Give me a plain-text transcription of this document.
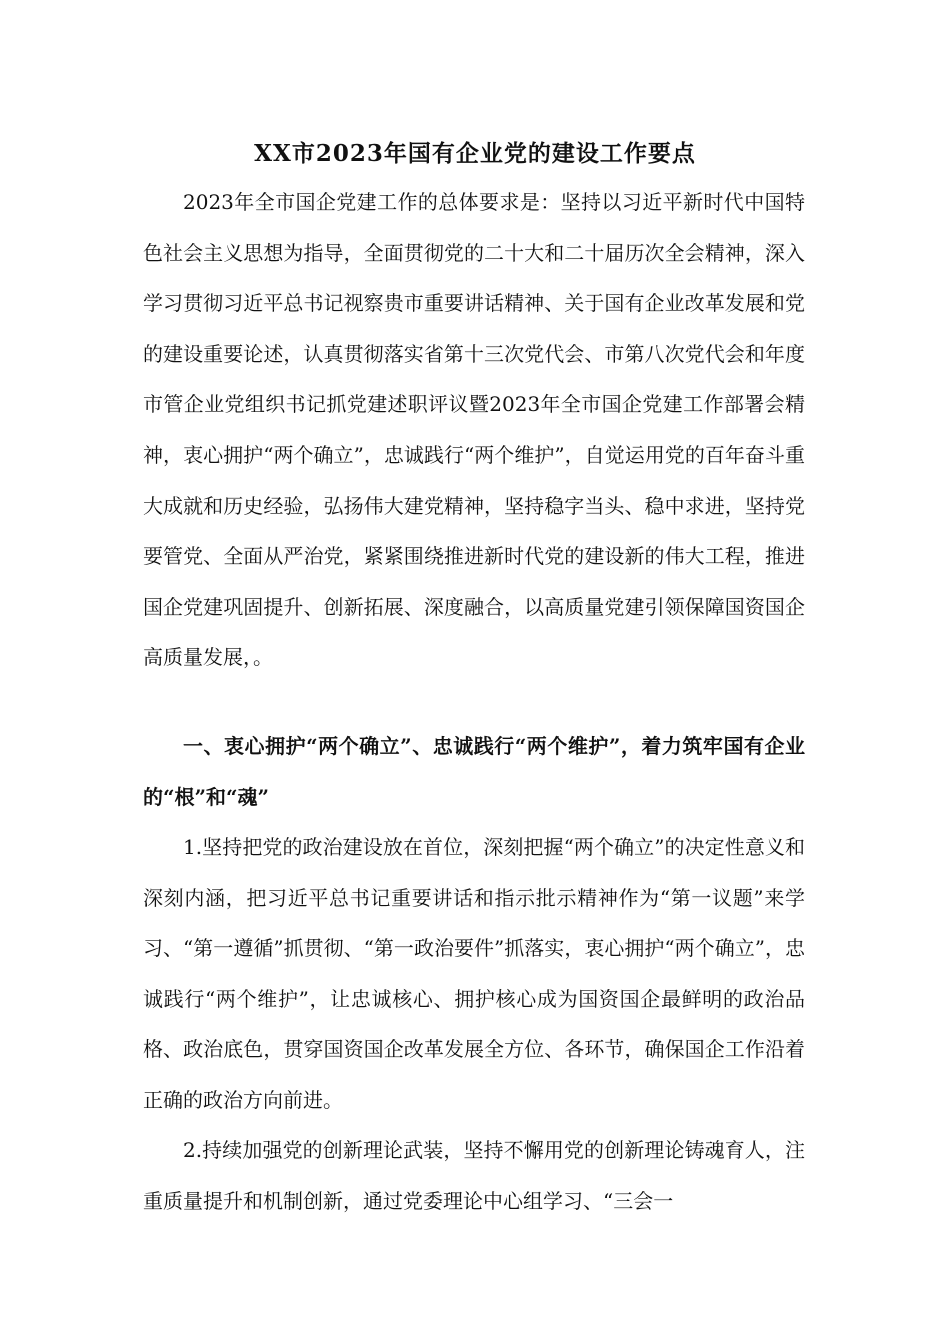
XX市2023年国有企业党的建设工作要点

2023年全市国企党建工作的总体要求是：坚持以习近平新时代中国特色社会主义思想为指导，全面贯彻党的二十大和二十届历次全会精神，深入学习贯彻习近平总书记视察贵市重要讲话精神、关于国有企业改革发展和党的建设重要论述，认真贯彻落实省第十三次党代会、市第八次党代会和年度市管企业党组织书记抓党建述职评议暨2023年全市国企党建工作部署会精神，衷心拥护“两个确立”，忠诚践行“两个维护”，自觉运用党的百年奋斗重大成就和历史经验，弘扬伟大建党精神，坚持稳字当头、稳中求进，坚持党要管党、全面从严治党，紧紧围绕推进新时代党的建设新的伟大工程，推进国企党建巩固提升、创新拓展、深度融合，以高质量党建引领保障国资国企高质量发展，。

一、衷心拥护“两个确立”、忠诚践行“两个维护”，着力筑牢国有企业的“根”和“魂”

1.坚持把党的政治建设放在首位，深刻把握“两个确立”的决定性意义和深刻内涵，把习近平总书记重要讲话和指示批示精神作为“第一议题”来学习、“第一遵循”抓贯彻、“第一政治要件”抓落实，衷心拥护“两个确立”，忠诚践行“两个维护”，让忠诚核心、拥护核心成为国资国企最鲜明的政治品格、政治底色，贯穿国资国企改革发展全方位、各环节，确保国企工作沿着正确的政治方向前进。

2.持续加强党的创新理论武装，坚持不懈用党的创新理论铸魂育人，注重质量提升和机制创新，通过党委理论中心组学习、“三会一
